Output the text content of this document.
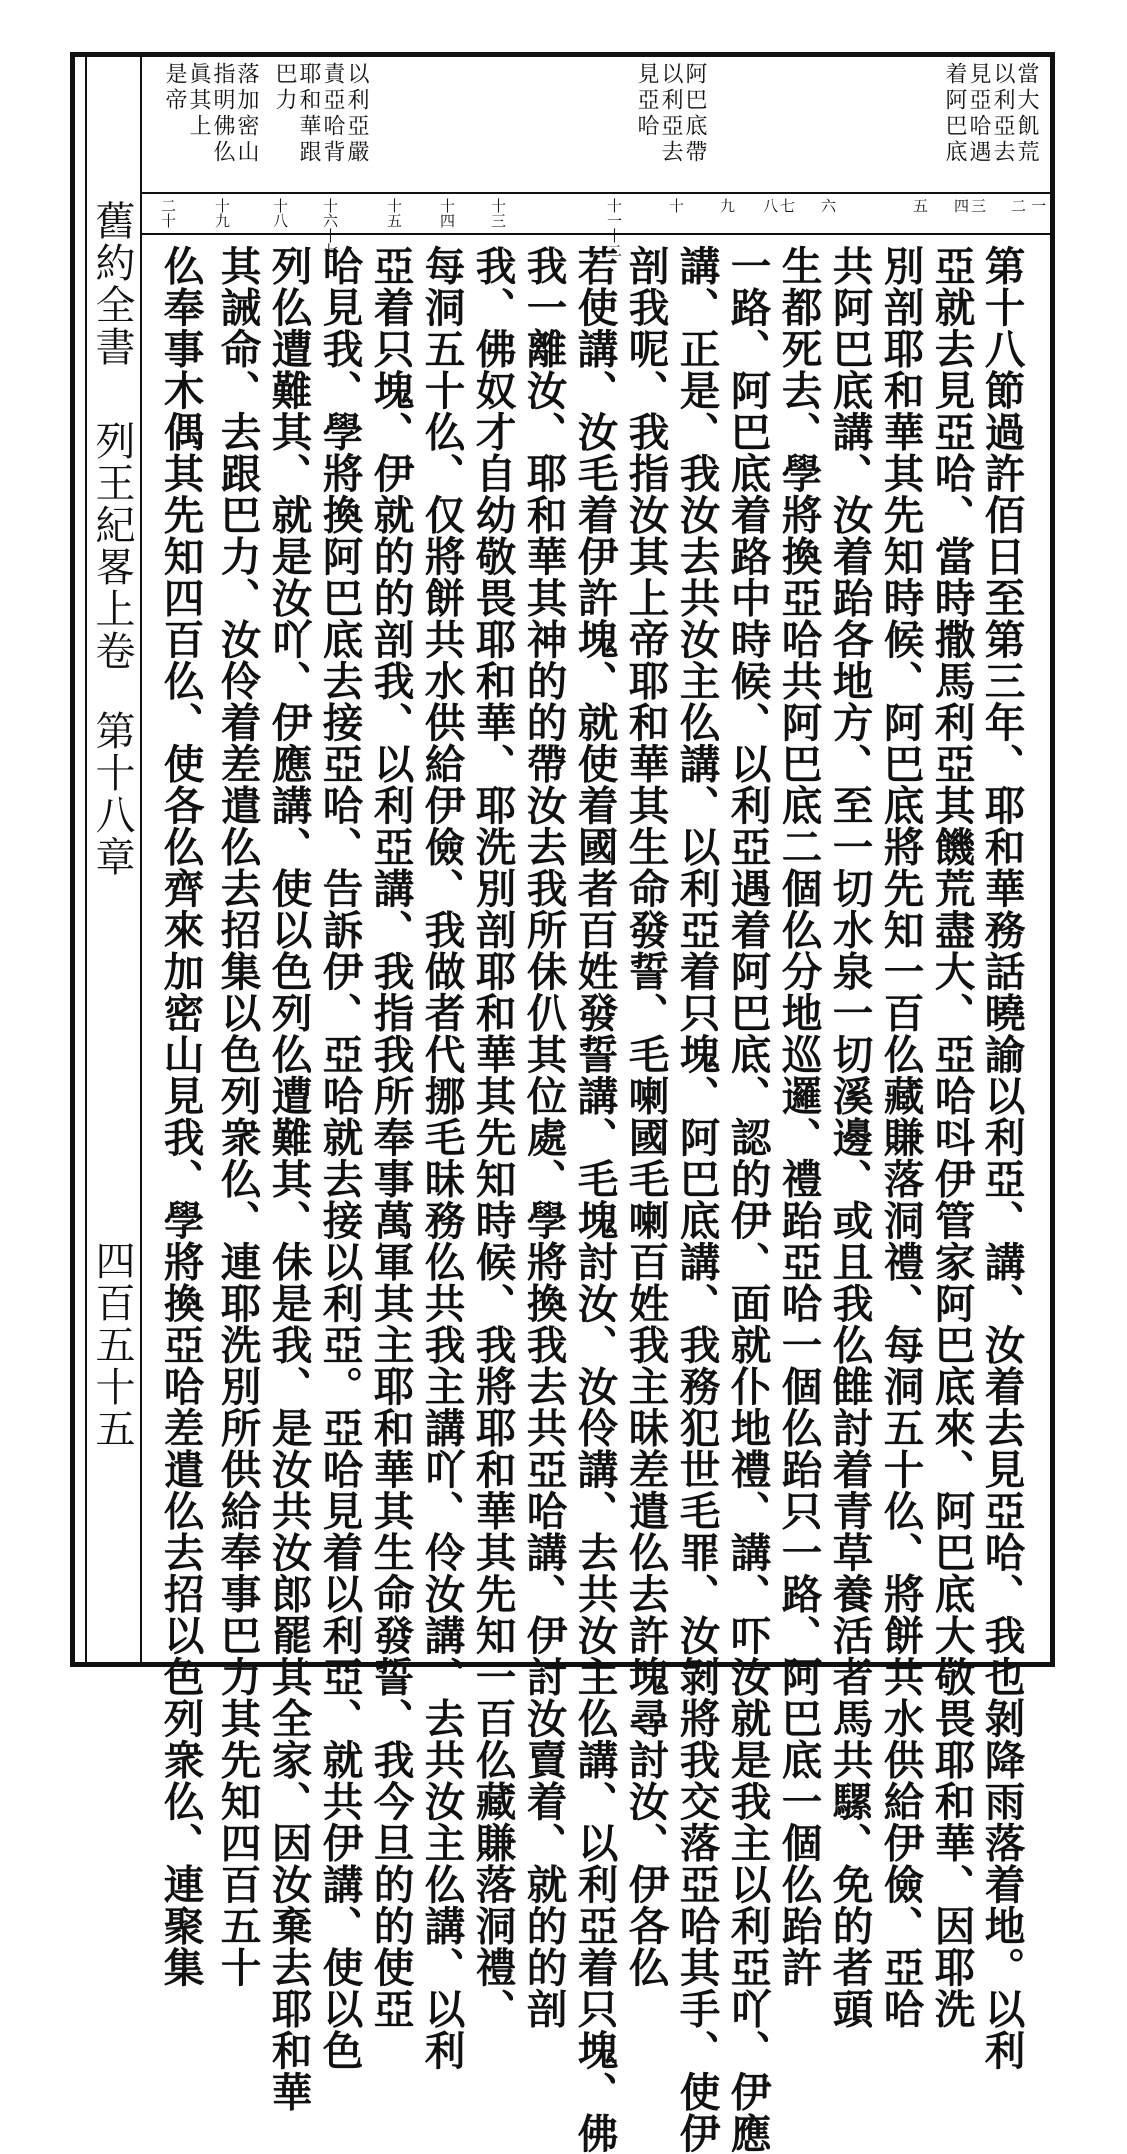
舊約全書
列王紀畧上卷
第十八章
四百五十五
當大飢荒
以利亞去
見亞哈遇
着阿巴底
阿巴底帶
以利亞去
見亞哈
以利亞嚴
責亞哈背
耶和華跟
巴力
落加密山
指明佛仫
眞其上
是帝
一
二
三
四
五
六
七
八
九
十
十一十二
十三
十四
十五
十六十七
十八
十九
二十
第十八節過許佰日至第三年、耶和華務話曉諭以利亞、講、汝着去見亞哈、我也剝降雨落着地。以利
亞就去見亞哈、當時撒馬利亞其饑荒盡大、亞哈呌伊管家阿巴底來、阿巴底大敬畏耶和華、因耶洗
別剖耶和華其先知時候、阿巴底將先知一百仫藏賺落洞禮、每洞五十仫、將餅共水供給伊儉、亞哈
共阿巴底講、汝着跆各地方、至一切水泉一切溪邊、或且我仫雔討着青草養活者馬共騾、免的者頭
生都死去、學將換亞哈共阿巴底二個仫分地巡邏、禮跆亞哈一個仫跆只一路、阿巴底一個仫跆許
一路、阿巴底着路中時候、以利亞遇着阿巴底、認的伊、面就仆地禮、講、吓汝就是我主以利亞吖、伊應
講、正是、我汝去共汝主仫講、以利亞着只塊、阿巴底講、我務犯世毛罪、汝剝將我交落亞哈其手、使伊
剖我呢、我指汝其上帝耶和華其生命發誓、毛喇國毛喇百姓我主昧差遣仫去許塊尋討汝、伊各仫
若使講、汝毛着伊許塊、就使着國者百姓發誓講、毛塊討汝、汝伶講、去共汝主仫講、以利亞着只塊、佛
我一離汝、耶和華其神的的帶汝去我所佅仈其位處、學將換我去共亞哈講、伊討汝賣着、就的的剖
我、佛奴才自幼敬畏耶和華、耶洗別剖耶和華其先知時候、我將耶和華其先知一百仫藏賺落洞禮、
每洞五十仫、仅將餅共水供給伊儉、我做者代挪毛昧務仫共我主講吖、伶汝講、去共汝主仫講、以利
亞着只塊、伊就的的剖我、以利亞講、我指我所奉事萬軍其主耶和華其生命發誓、我今旦的的使亞
哈見我、學將換阿巴底去接亞哈、告訴伊、亞哈就去接以利亞。亞哈見着以利亞、就共伊講、使以色
列仫遭難其、就是汝吖、伊應講、使以色列仫遭難其、佅是我、是汝共汝郎罷其全家、因汝棄去耶和華
其誡命、去跟巴力、汝伶着差遣仫去招集以色列衆仫、連耶洗別所供給奉事巴力其先知四百五十
仫奉事木偶其先知四百仫、使各仫齊來加密山見我、學將換亞哈差遣仫去招以色列衆仫、連聚集
